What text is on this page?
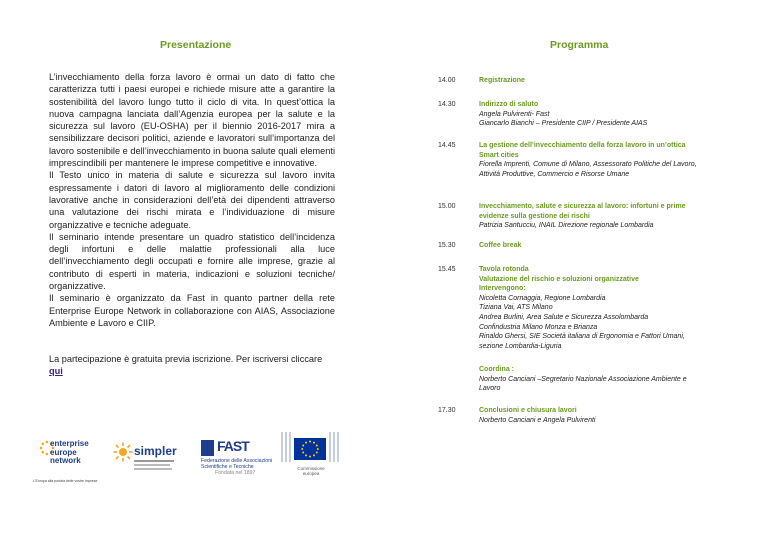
Presentazione

L’invecchiamento della forza lavoro è ormai un dato di fatto che caratterizza tutti i paesi europei e richiede misure atte a garantire la sostenibilità del lavoro lungo tutto il ciclo di vita. In quest’ottica la nuova campagna lanciata dall’Agenzia europea per la salute e la sicurezza sul lavoro (EU-OSHA) per il biennio 2016-2017 mira a sensibilizzare decisori politici, aziende e lavoratori sull’importanza del lavoro sostenibile e dell’invecchiamento in buona salute quali elementi imprescindibili per mantenere le imprese competitive e innovative.

Il Testo unico in materia di salute e sicurezza sul lavoro invita espressamente i datori di lavoro al miglioramento delle condizioni lavorative anche in considerazioni dell’età dei dipendenti attraverso una valutazione dei rischi mirata e l’individuazione di misure organizzative e tecniche adeguate.

Il seminario intende presentare un quadro statistico dell’incidenza degli infortuni e delle malattie professionali alla luce dell’invecchiamento degli occupati e fornire alle imprese, grazie al contributo di esperti in materia, indicazioni e soluzioni tecniche/ organizzative.

Il seminario è organizzato da Fast in quanto partner della rete Enterprise Europe Network in collaborazione con AIAS, Associazione Ambiente e Lavoro e CIIP.

La partecipazione è gratuita previa iscrizione. Per iscriversi cliccare
qui
enterprise
europe
network
L’Europa alla portata delle vostre imprese
simpler	FAST
Federazione delle Associazioni
Scientifiche e Tecniche
Fondata nel 1897
Commissione
europea
Programma
14.00	Registrazione
14.30	Indirizzo di saluto
Angela Pulvirenti- Fast
Giancarlo Bianchi – Presidente CIIP / Presidente AIAS
14.45	La gestione dell’invecchiamento della forza lavoro in un’ottica Smart cities
Fiorella Imprenti, Comune di Milano, Assessorato Politiche del Lavoro, Attività Produttive, Commercio e Risorse Umane
15.00	Invecchiamento, salute e sicurezza al lavoro: infortuni e prime evidenze sulla gestione dei rischi
Patrizia Santucciu, INAIL Direzione regionale Lombardia
15.30	Coffee break
15.45	Tavola rotonda
Valutazione del rischio e soluzioni organizzative
Intervengono:
Nicoletta Cornaggia, Regione Lombardia
Tiziana Vai, ATS Milano
Andrea Burlini, Area Salute e Sicurezza Assolombarda
Confindustria Milano Monza e Brianza
Rinaldo Ghersi, SIE Società italiana di Ergonomia e Fattori Umani, sezione Lombardia-Liguria
Coordina :
Norberto Canciani –Segretario Nazionale Associazione Ambiente e Lavoro
17.30	Conclusioni e chiusura lavori
Norberto Canciani e Angela Pulvirenti
